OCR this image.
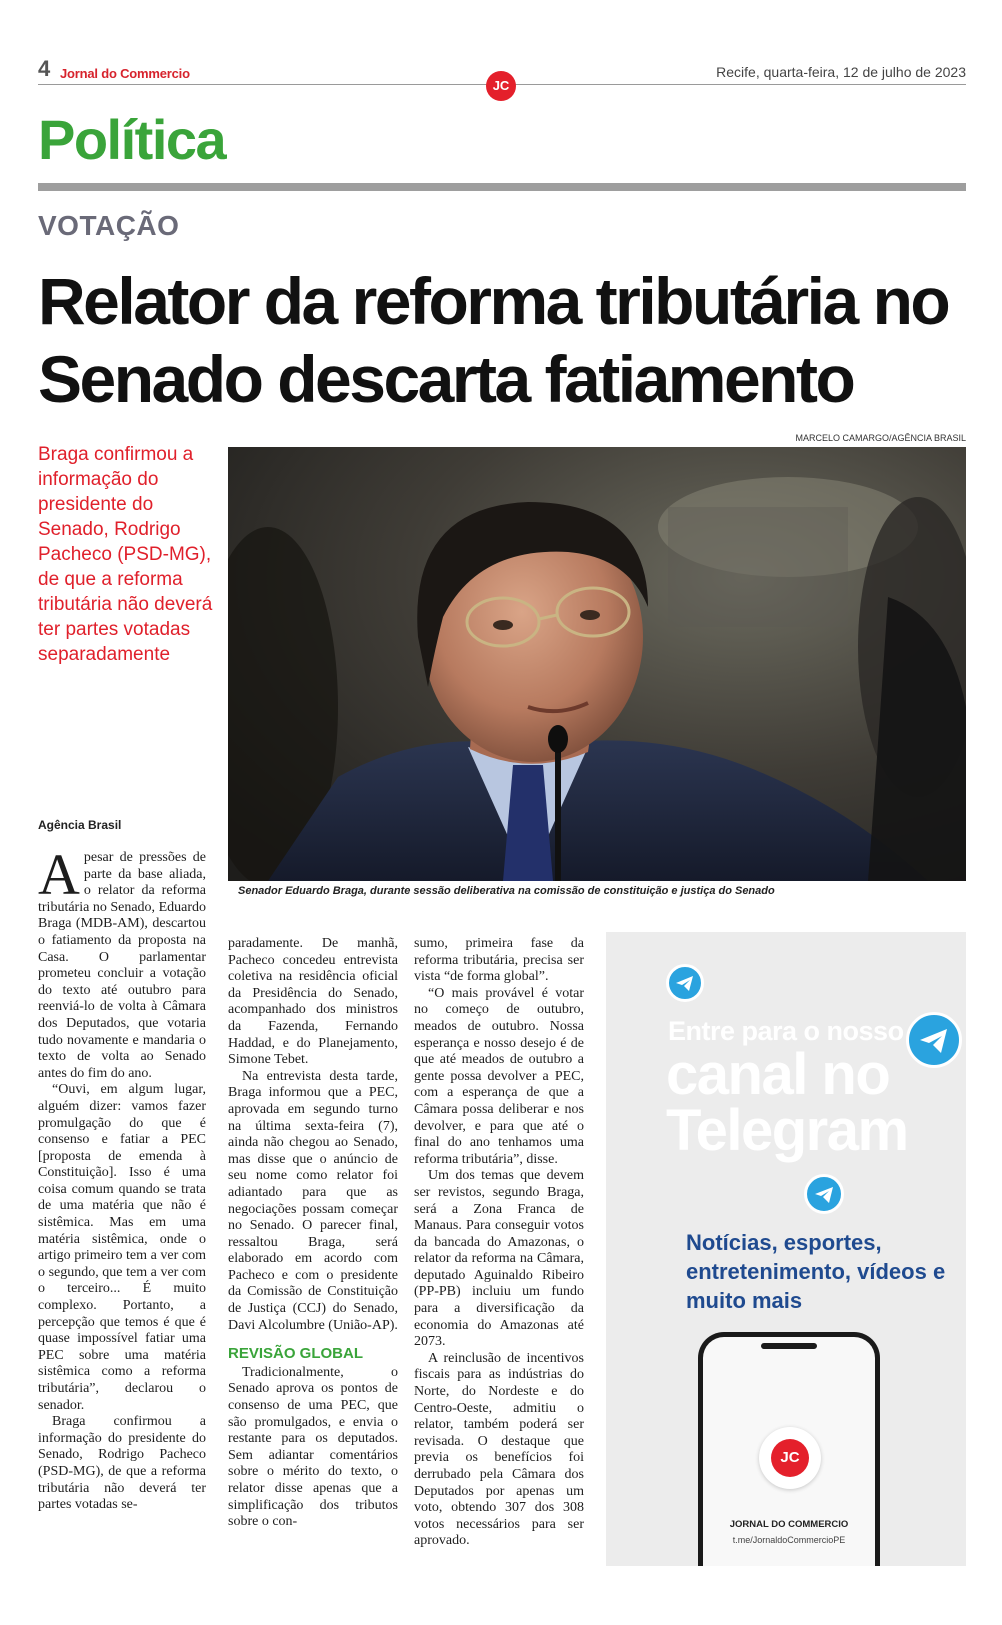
4 Jornal do Commercio
JC
Recife, quarta-feira, 12 de julho de 2023
Política
VOTAÇÃO
Relator da reforma tributária no Senado descarta fatiamento
MARCELO CAMARGO/AGÊNCIA BRASIL
Braga confirmou a informação do presidente do Senado, Rodrigo Pacheco (PSD-MG), de que a reforma tributária não deverá ter partes votadas separadamente
Senador Eduardo Braga, durante sessão deliberativa na comissão de constituição e justiça do Senado
Agência Brasil

Apesar de pressões de parte da base aliada, o relator da reforma tributária no Senado, Eduardo Braga (MDB-AM), descartou o fatiamento da proposta na Casa. O parlamentar prometeu concluir a votação do texto até outubro para reenviá-lo de volta à Câmara dos Deputados, que votaria tudo novamente e mandaria o texto de volta ao Senado antes do fim do ano.

“Ouvi, em algum lugar, alguém dizer: vamos fazer promulgação do que é consenso e fatiar a PEC [proposta de emenda à Constituição]. Isso é uma coisa comum quando se trata de uma matéria que não é sistêmica. Mas em uma matéria sistêmica, onde o artigo primeiro tem a ver com o segundo, que tem a ver com o terceiro... É muito complexo. Portanto, a percepção que temos é que é quase impossível fatiar uma PEC sobre uma matéria sistêmica como a reforma tributária”, declarou o senador.

Braga confirmou a informação do presidente do Senado, Rodrigo Pacheco (PSD-MG), de que a reforma tributária não deverá ter partes votadas se-

paradamente. De manhã, Pacheco concedeu entrevista coletiva na residência oficial da Presidência do Senado, acompanhado dos ministros da Fazenda, Fernando Haddad, e do Planejamento, Simone Tebet.

Na entrevista desta tarde, Braga informou que a PEC, aprovada em segundo turno na última sexta-feira (7), ainda não chegou ao Senado, mas disse que o anúncio de seu nome como relator foi adiantado para que as negociações possam começar no Senado. O parecer final, ressaltou Braga, será elaborado em acordo com Pacheco e com o presidente da Comissão de Constituição de Justiça (CCJ) do Senado, Davi Alcolumbre (União-AP).

REVISÃO GLOBAL

Tradicionalmente, o Senado aprova os pontos de consenso de uma PEC, que são promulgados, e envia o restante para os deputados. Sem adiantar comentários sobre o mérito do texto, o relator disse apenas que a simplificação dos tributos sobre o con-

sumo, primeira fase da reforma tributária, precisa ser vista “de forma global”.

“O mais provável é votar no começo de outubro, meados de outubro. Nossa esperança e nosso desejo é de que até meados de outubro a gente possa devolver a PEC, com a esperança de que a Câmara possa deliberar e nos devolver, e para que até o final do ano tenhamos uma reforma tributária”, disse.

Um dos temas que devem ser revistos, segundo Braga, será a Zona Franca de Manaus. Para conseguir votos da bancada do Amazonas, o relator da reforma na Câmara, deputado Aguinaldo Ribeiro (PP-PB) incluiu um fundo para a diversificação da economia do Amazonas até 2073.

A reinclusão de incentivos fiscais para as indústrias do Norte, do Nordeste e do Centro-Oeste, admitiu o relator, também poderá ser revisada. O destaque que previa os benefícios foi derrubado pela Câmara dos Deputados por apenas um voto, obtendo 307 dos 308 votos necessários para ser aprovado.

Entre para o nosso
canal no
Telegram
Notícias, esportes, entretenimento, vídeos e muito mais
JC
JORNAL DO COMMERCIO
t.me/JornaldoCommercioPE
